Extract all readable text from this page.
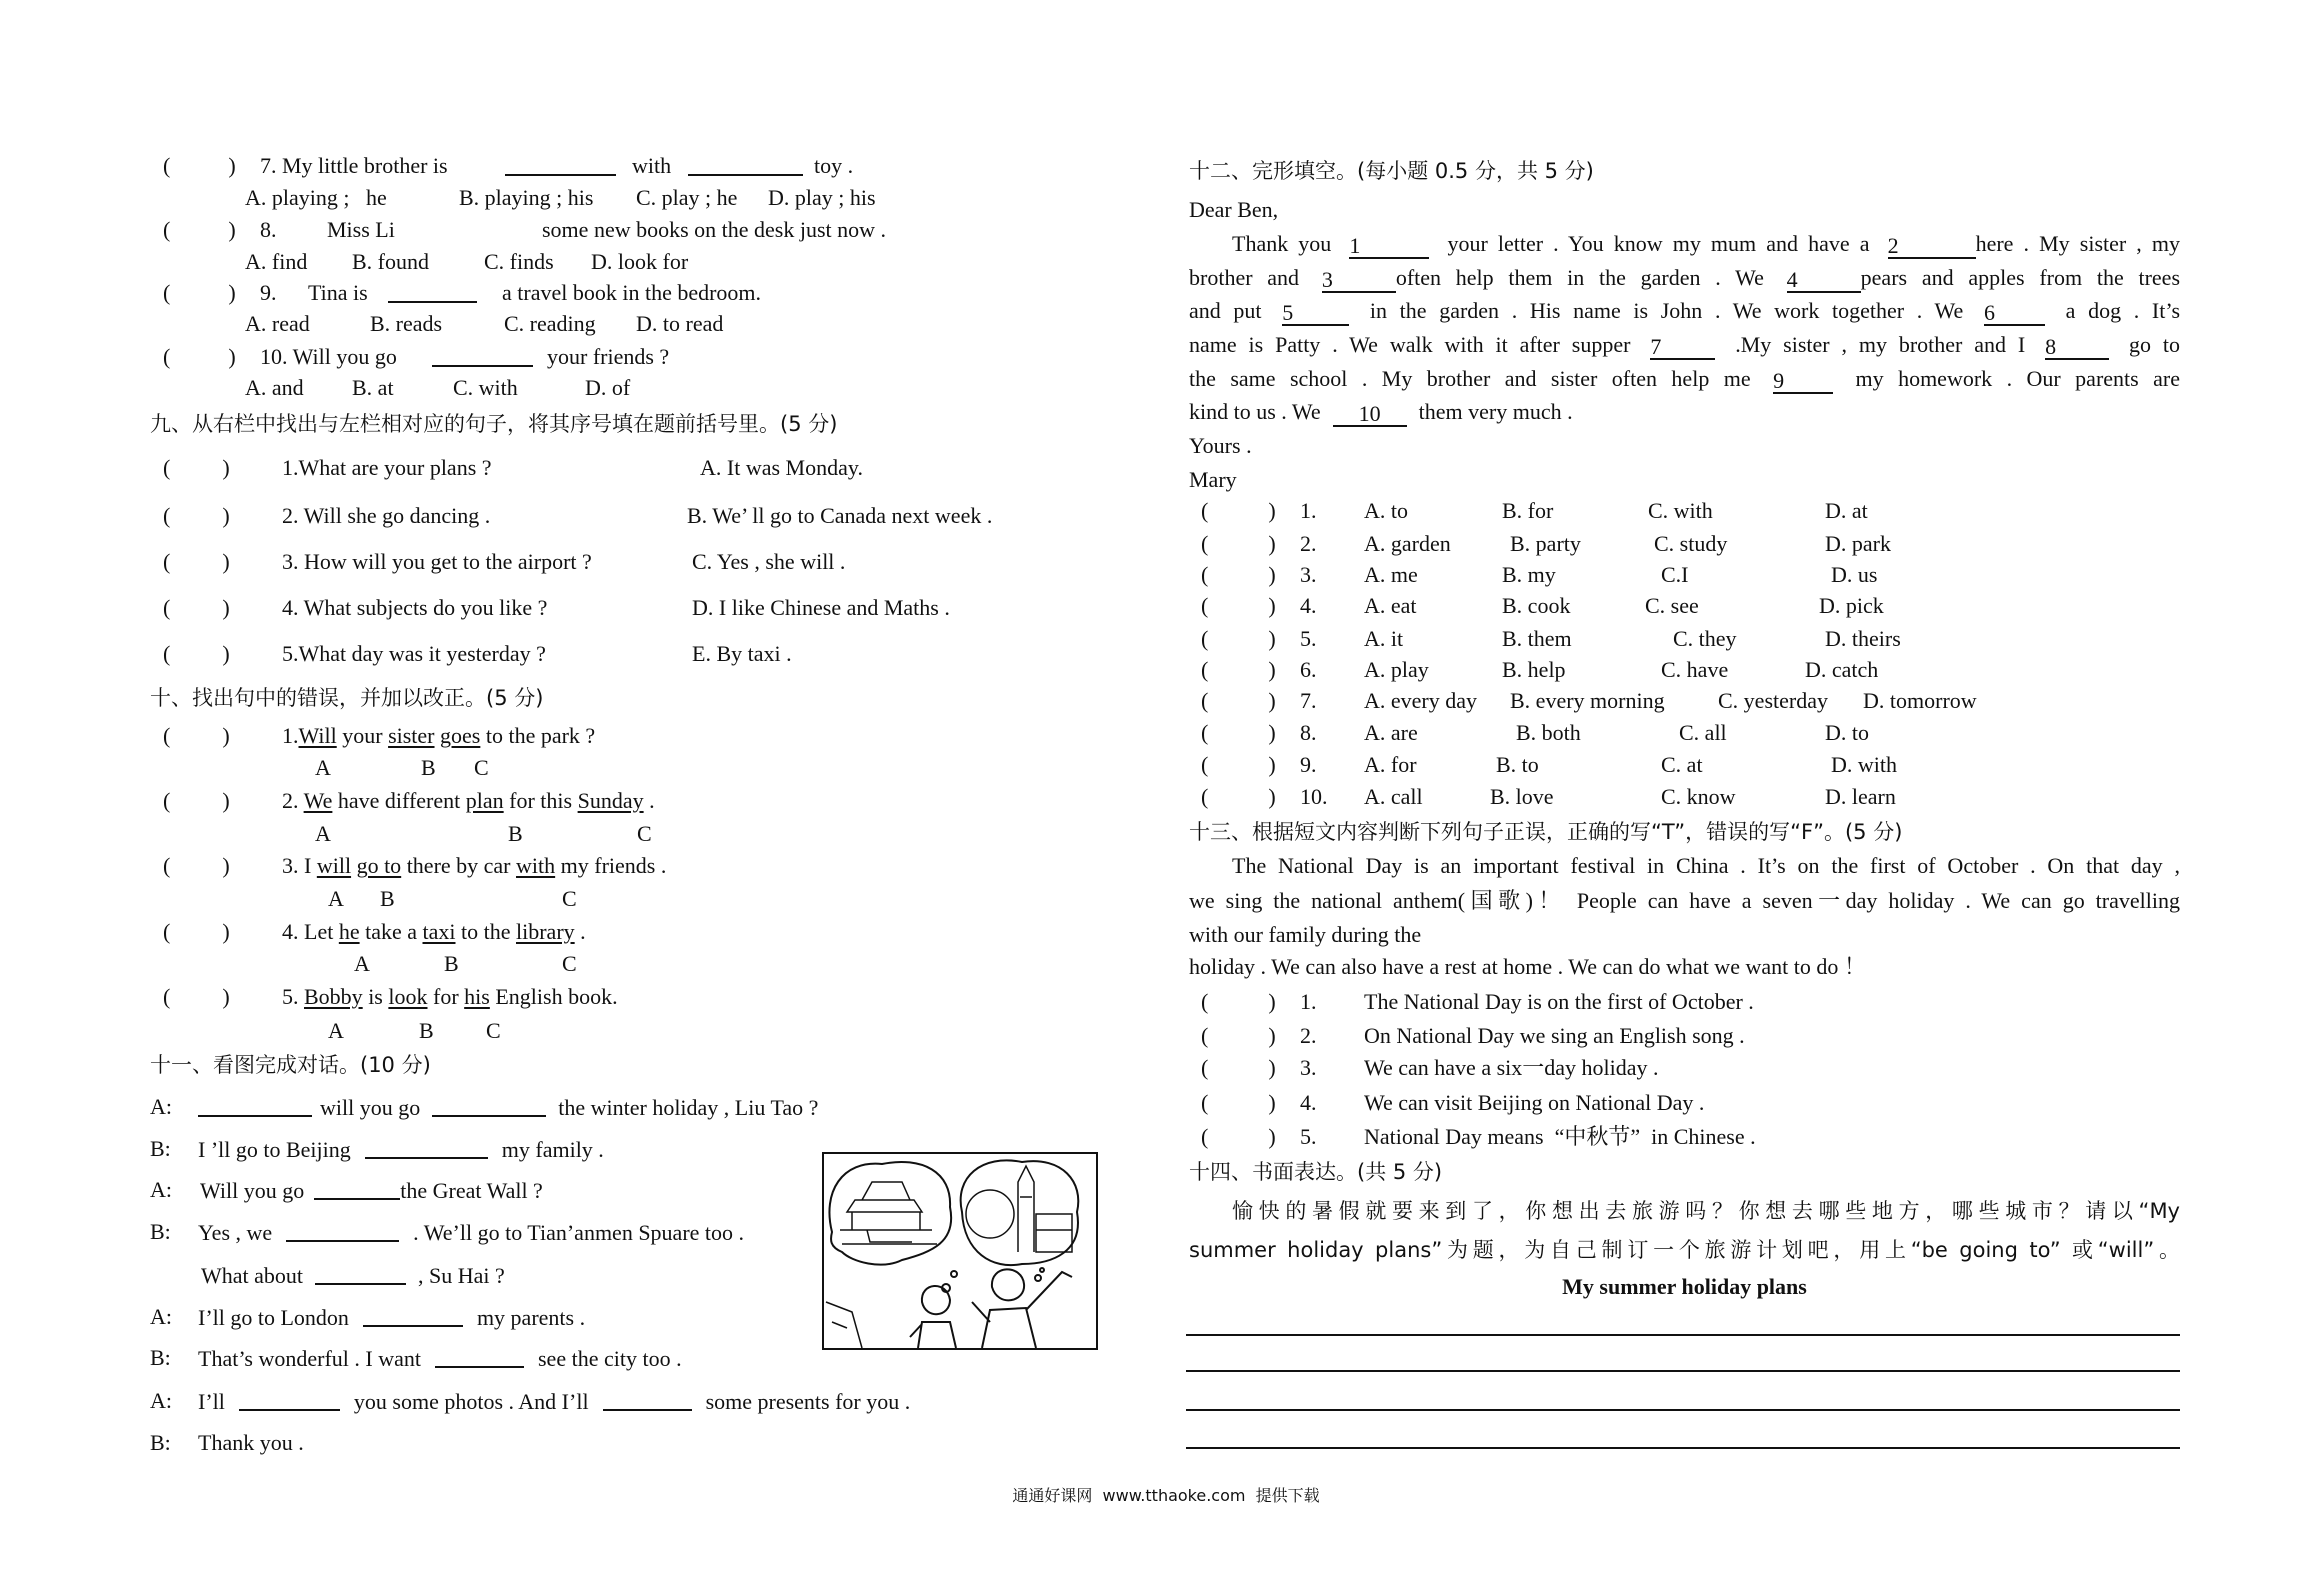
(	) 7. My little brother is	with	toy .
A. playing ;   he	B. playing ; his C. play ; he D. play ; his
(	) 8. Miss Li	some new books on the desk just now .
A. find B. found	C. finds D. look for
(	) 9. Tina is	a travel book in the bedroom.
A. read	B. reads	C. reading D. to read
(	) 10. Will you go	your friends ?
A. and B. at	C. with	D. of
九、从右栏中找出与左栏相对应的句子，将其序号填在题前括号里。(5 分)
( ) 1.What are your plans ?	A. It was Monday.
( ) 2. Will she go dancing .	B. We’ ll go to Canada next week .
( ) 3. How will you get to the airport ?	C. Yes , she will .
( ) 4. What subjects do you like ?	D. I like Chinese and Maths .
( ) 5.What day was it yesterday ?	E. By taxi .
十、找出句中的错误，并加以改正。(5 分)
( ) 1.Will your sister goes to the park ?
A	B C
( ) 2. We have different plan for this Sunday .
A	B	C
( ) 3. I will go to there by car with my friends .
A B	C
( ) 4. Let he take a taxi to the library .
A	B	C
( ) 5. Bobby is look for his English book.
A	B C
十一、看图完成对话。(10 分)
A:	will you go	the winter holiday , Liu Tao ?
B: I ’ll go to Beijing	my family .
A: Will you go	the Great Wall ?
B: Yes , we	. We’ll go to Tian’anmen Spuare too .
What about	, Su Hai ?
A: I’ll go to London	my parents .
B: That’s wonderful . I want	see the city too .
A: I’ll	you some photos . And I’ll	some presents for you .
B: Thank you .
十二、完形填空。(每小题 0.5 分，共 5 分)
Dear Ben,
Thank you 1	your letter . You know my mum and have a 2	here . My sister , my
brother and 3	often help them in the garden . We 4	pears and apples from the trees
and put 5	in the garden . His name is John . We work together . We 6	a dog . It’s
name is Patty . We walk with it after supper 7	.My sister , my brother and I 8	go to
the same school . My brother and sister often help me 9	my homework . Our parents are
kind to us . We 10 them very much .
Yours .
Mary
(	) 1. A. to	B. for	C. with	D. at
(	) 2. A. garden	B. party	C. study	D. park
(	) 3. A. me	B. my	C.I	D. us
(	) 4. A. eat	B. cook	C. see	D. pick
(	) 5. A. it	B. them	C. they	D. theirs
(	) 6. A. play	B. help	C. have	D. catch
(	) 7. A. every day B. every morning C. yesterday D. tomorrow
(	) 8. A. are	B. both	C. all	D. to
(	) 9. A. for	B. to	C. at	D. with
(	) 10. A. call	B. love	C. know	D. learn
十三、根据短文内容判断下列句子正误，正确的写“T”，错误的写“F”。(5 分)
The National Day is an important festival in China . It’s on the first of October . On that day ,
we sing the national anthem(国歌)！ People can have a seven一day holiday . We can go travelling
with our family during the
holiday . We can also have a rest at home . We can do what we want to do ！
(	) 1. The National Day is on the first of October .
(	) 2. On National Day we sing an English song .
(	) 3. We can have a six一day holiday .
(	) 4. We can visit Beijing on National Day .
(	) 5. National Day means  “中秋节”  in Chinese .
十四、书面表达。(共 5 分)
愉快的暑假就要来到了，你想出去旅游吗？你想去哪些地方，哪些城市？请以“My
summer holiday plans”为题，为自己制订一个旅游计划吧，用上“be going to” 或“will”。
My summer holiday plans
通通好课网  www.tthaoke.com  提供下载
